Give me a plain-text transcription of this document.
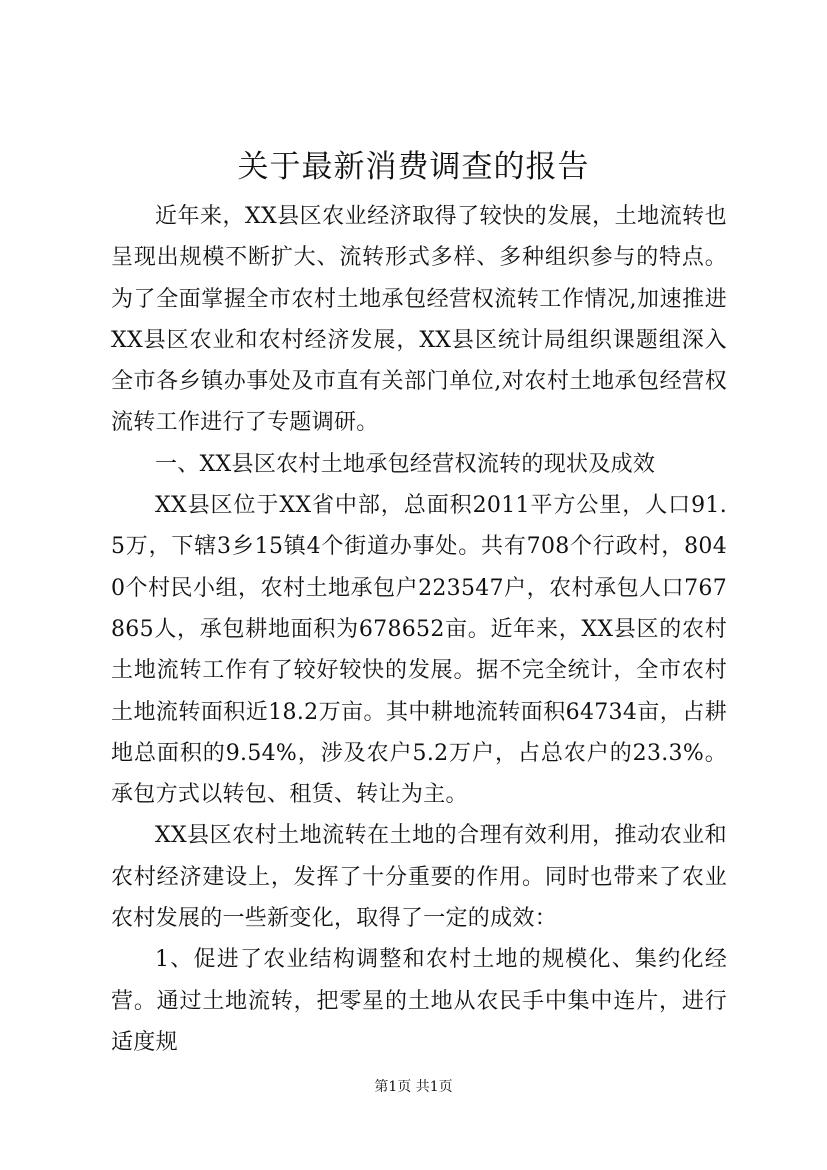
关于最新消费调查的报告

近年来，XX县区农业经济取得了较快的发展，土地流转也呈现出规模不断扩大、流转形式多样、多种组织参与的特点。为了全面掌握全市农村土地承包经营权流转工作情况,加速推进XX县区农业和农村经济发展，XX县区统计局组织课题组深入全市各乡镇办事处及市直有关部门单位,对农村土地承包经营权流转工作进行了专题调研。

一、XX县区农村土地承包经营权流转的现状及成效

XX县区位于XX省中部，总面积2011平方公里，人口91.5万，下辖3乡15镇4个街道办事处。共有708个行政村，8040个村民小组，农村土地承包户223547户，农村承包人口767865人，承包耕地面积为678652亩。近年来，XX县区的农村土地流转工作有了较好较快的发展。据不完全统计，全市农村土地流转面积近18.2万亩。其中耕地流转面积64734亩，占耕地总面积的9.54%，涉及农户5.2万户，占总农户的23.3%。承包方式以转包、租赁、转让为主。

XX县区农村土地流转在土地的合理有效利用，推动农业和农村经济建设上，发挥了十分重要的作用。同时也带来了农业农村发展的一些新变化，取得了一定的成效：

1、促进了农业结构调整和农村土地的规模化、集约化经营。通过土地流转，把零星的土地从农民手中集中连片，进行适度规

第1页 共1页
